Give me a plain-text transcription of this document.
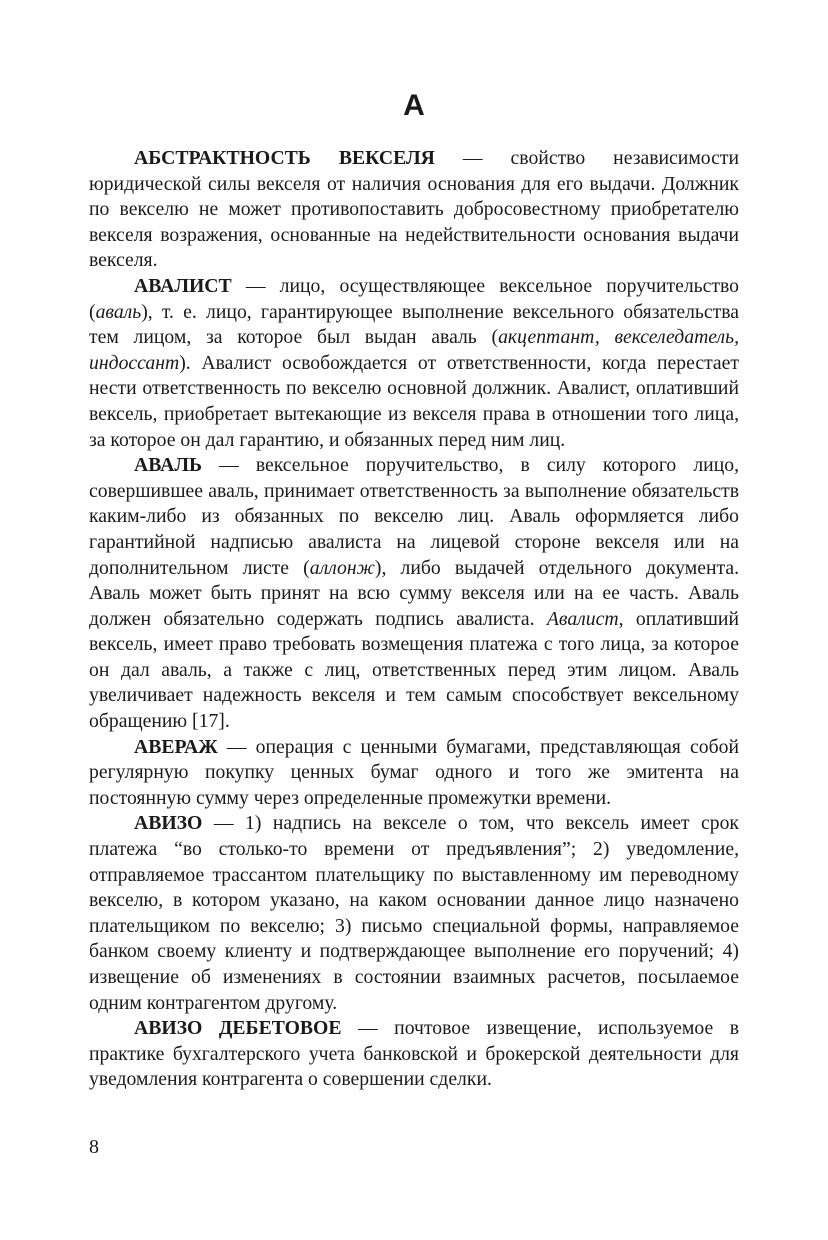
А

АБСТРАКТНОСТЬ ВЕКСЕЛЯ — свойство независимости юридической силы векселя от наличия основания для его выдачи. Должник по векселю не может противопоставить добросовестному приобретателю векселя возражения, основанные на недействительности основания выдачи векселя.

АВАЛИСТ — лицо, осуществляющее вексельное поручительство (аваль), т. е. лицо, гарантирующее выполнение вексельного обязательства тем лицом, за которое был выдан аваль (акцептант, векселедатель, индоссант). Авалист освобождается от ответственности, когда перестает нести ответственность по векселю основной должник. Авалист, оплативший вексель, приобретает вытекающие из векселя права в отношении того лица, за которое он дал гарантию, и обязанных перед ним лиц.

АВАЛЬ — вексельное поручительство, в силу которого лицо, совершившее аваль, принимает ответственность за выполнение обязательств каким-либо из обязанных по векселю лиц. Аваль оформляется либо гарантийной надписью авалиста на лицевой стороне векселя или на дополнительном листе (аллонж), либо выдачей отдельного документа. Аваль может быть принят на всю сумму векселя или на ее часть. Аваль должен обязательно содержать подпись авалиста. Авалист, оплативший вексель, имеет право требовать возмещения платежа с того лица, за которое он дал аваль, а также с лиц, ответственных перед этим лицом. Аваль увеличивает надежность векселя и тем самым способствует вексельному обращению [17].

АВЕРАЖ — операция с ценными бумагами, представляющая собой регулярную покупку ценных бумаг одного и того же эмитента на постоянную сумму через определенные промежутки времени.

АВИЗО — 1) надпись на векселе о том, что вексель имеет срок платежа “во столько-то времени от предъявления”; 2) уведомление, отправляемое трассантом плательщику по выставленному им переводному векселю, в котором указано, на каком основании данное лицо назначено плательщиком по векселю; 3) письмо специальной формы, направляемое банком своему клиенту и подтверждающее выполнение его поручений; 4) извещение об изменениях в состоянии взаимных расчетов, посылаемое одним контрагентом другому.

АВИЗО ДЕБЕТОВОЕ — почтовое извещение, используемое в практике бухгалтерского учета банковской и брокерской деятельности для уведомления контрагента о совершении сделки.

8
